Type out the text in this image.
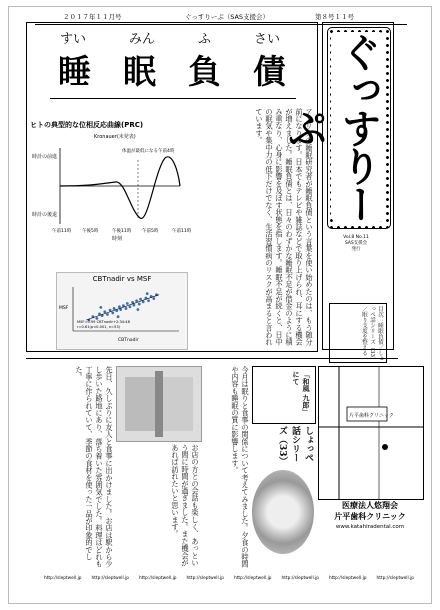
２０１７年１１月号	ぐっすりーぷ（SAS支援会）	第８号１１号
すい	みん	ふ	さい
睡 眠 負 債
アメリカの睡眠研究者が睡眠負債という言葉を使い始めたのは、もう随分前になります。日本でもテレビや雑誌などで取り上げられ、耳にする機会が増えました。睡眠負債とは、日々のわずかな睡眠不足が借金のように積み重なり、心身に影響を及ぼす状態を指します。睡眠不足が続くと、日中の眠気や集中力の低下だけでなく、生活習慣病のリスクが高まると言われています。
ヒトの典型的な位相反応曲線(PRC)
Kronauer(未発表)
時計の前進
時計の後退
体温が最低になる午前4時
午前11時 午後5時	午後11時 午前5時	午前11時
時刻
CBTnadir vs MSF
MSF=0.99 CBTnadir+2:34:48
r=0.61(p<0.001, n=53)
CBTnadir
MSF
ぐっすりーぷ
Vol.8 No.11
SAS支援会
発行
目次：睡眠負債／しょっぺ話シリーズ（33）／眠り支度を整える
先日、久しぶりに友人と食事に出かけました。お店は駅から少し歩いた路地にあり、落ち着いた雰囲気でした。料理はどれも丁寧に作られていて、季節の食材を使った一品が印象的でした。
お店の方との会話も楽しく、あっという間に時間が過ぎました。また機会があれば訪れたいと思います。	今月は眠りと食事の関係について考えてみました。夕食の時間や内容も睡眠の質に影響します。	「和風 九郎」にて
しょっぺ話シリーズ（33）
片平歯科クリニック
医療法人悠翔会
片平歯科クリニック
www.katahiradental.com
http://sleptwell.jp http://sleptwell.jp http://sleptwell.jp http://sleptwell.jp http://sleptwell.jp http://sleptwell.jp http://sleptwell.jp http://sleptwell.jp
